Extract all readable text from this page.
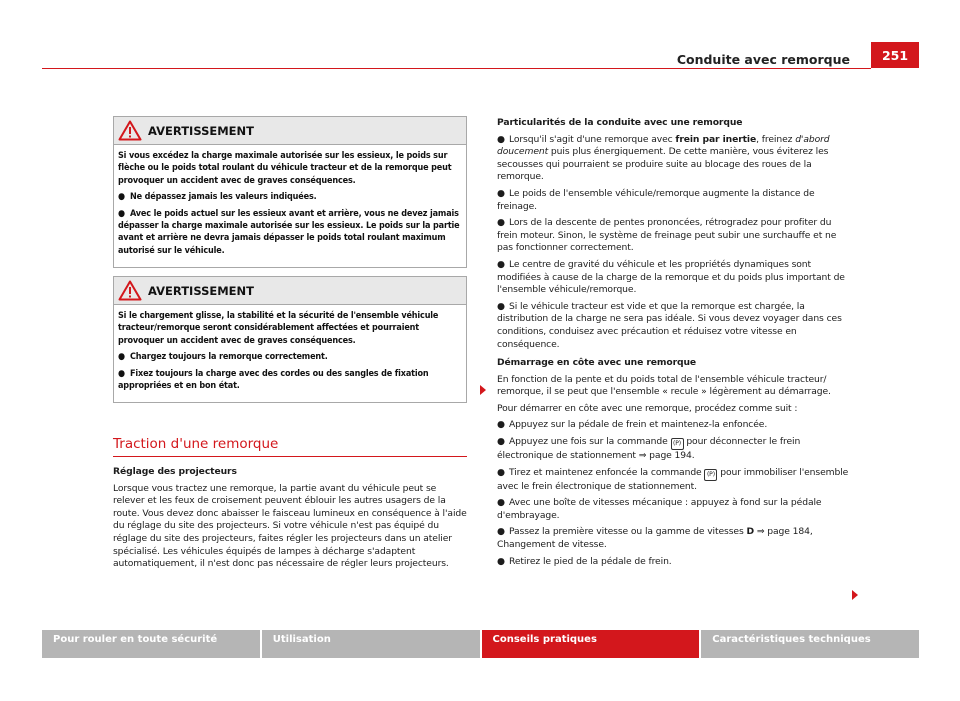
Conduite avec remorque	251
AVERTISSEMENT

Si vous excédez la charge maximale autorisée sur les essieux, le poids sur flèche ou le poids total roulant du véhicule tracteur et de la remorque peut provoquer un accident avec de graves conséquences.

● Ne dépassez jamais les valeurs indiquées.

● Avec le poids actuel sur les essieux avant et arrière, vous ne devez jamais dépasser la charge maximale autorisée sur les essieux. Le poids sur la partie avant et arrière ne devra jamais dépasser le poids total roulant maximum autorisé sur le véhicule.

AVERTISSEMENT

Si le chargement glisse, la stabilité et la sécurité de l'ensemble véhicule tracteur/remorque seront considérablement affectées et pourraient provoquer un accident avec de graves conséquences.

● Chargez toujours la remorque correctement.

● Fixez toujours la charge avec des cordes ou des sangles de fixation appropriées et en bon état.

Traction d'une remorque

Réglage des projecteurs

Lorsque vous tractez une remorque, la partie avant du véhicule peut se relever et les feux de croisement peuvent éblouir les autres usagers de la route. Vous devez donc abaisser le faisceau lumineux en conséquence à l'aide du réglage du site des projecteurs. Si votre véhicule n'est pas équipé du réglage du site des projecteurs, faites régler les projecteurs dans un atelier spécialisé. Les véhicules équipés de lampes à décharge s'adaptent automatiquement, il n'est donc pas nécessaire de régler leurs projecteurs.

Particularités de la conduite avec une remorque

● Lorsqu'il s'agit d'une remorque avec frein par inertie, freinez d'abord doucement puis plus énergiquement. De cette manière, vous éviterez les secousses qui pourraient se produire suite au blocage des roues de la remorque.

● Le poids de l'ensemble véhicule/remorque augmente la distance de freinage.

● Lors de la descente de pentes prononcées, rétrogradez pour profiter du frein moteur. Sinon, le système de freinage peut subir une surchauffe et ne pas fonctionner correctement.

● Le centre de gravité du véhicule et les propriétés dynamiques sont modifiées à cause de la charge de la remorque et du poids plus important de l'ensemble véhicule/remorque.

● Si le véhicule tracteur est vide et que la remorque est chargée, la distribution de la charge ne sera pas idéale. Si vous devez voyager dans ces conditions, conduisez avec précaution et réduisez votre vitesse en conséquence.

Démarrage en côte avec une remorque

En fonction de la pente et du poids total de l'ensemble véhicule tracteur/ remorque, il se peut que l'ensemble « recule » légèrement au démarrage.

Pour démarrer en côte avec une remorque, procédez comme suit :

● Appuyez sur la pédale de frein et maintenez-la enfoncée.

● Appuyez une fois sur la commande (P) pour déconnecter le frein électronique de stationnement ⇒ page 194.

● Tirez et maintenez enfoncée la commande (P) pour immobiliser l'ensemble avec le frein électronique de stationnement.

● Avec une boîte de vitesses mécanique : appuyez à fond sur la pédale d'embrayage.

● Passez la première vitesse ou la gamme de vitesses D ⇒ page 184, Changement de vitesse.

● Retirez le pied de la pédale de frein.

Pour rouler en toute sécurité	Utilisation	Conseils pratiques	Caractéristiques techniques
